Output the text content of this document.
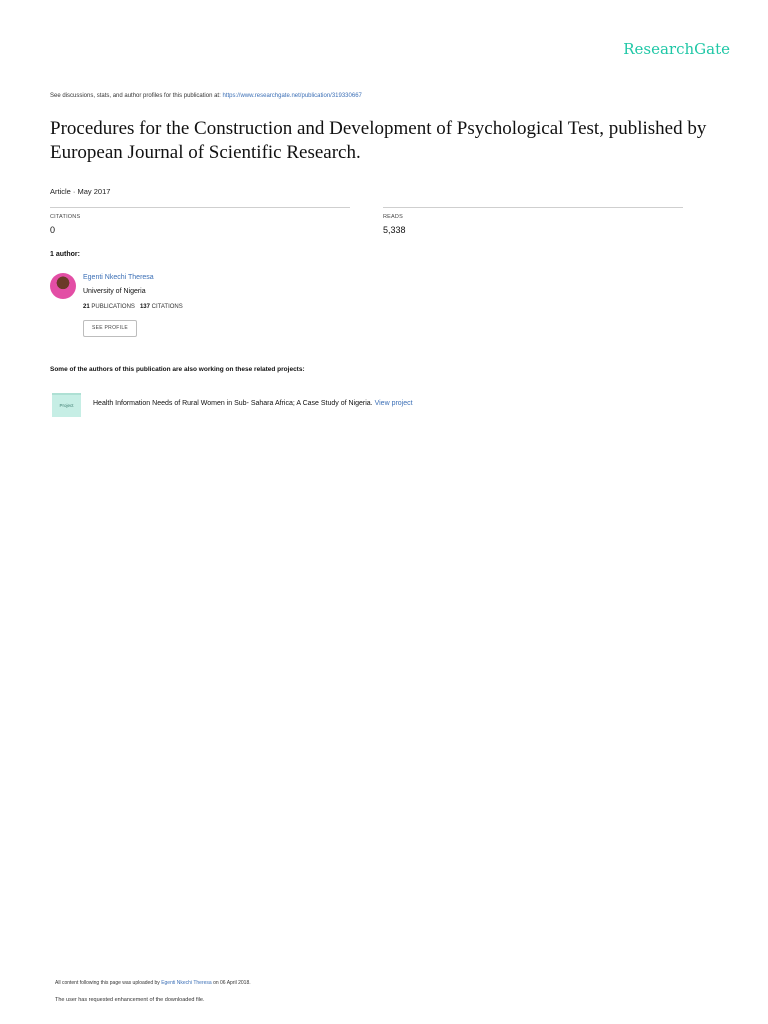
ResearchGate
See discussions, stats, and author profiles for this publication at: https://www.researchgate.net/publication/319330667
Procedures for the Construction and Development of Psychological Test, published by European Journal of Scientific Research.
Article · May 2017
CITATIONS
0
READS
5,338
1 author:
Egenti Nkechi Theresa
University of Nigeria
21 PUBLICATIONS 137 CITATIONS
SEE PROFILE
Some of the authors of this publication are also working on these related projects:
Project	Health Information Needs of Rural Women in Sub- Sahara Africa; A Case Study of Nigeria. View project
All content following this page was uploaded by Egenti Nkechi Theresa on 06 April 2018.
The user has requested enhancement of the downloaded file.
